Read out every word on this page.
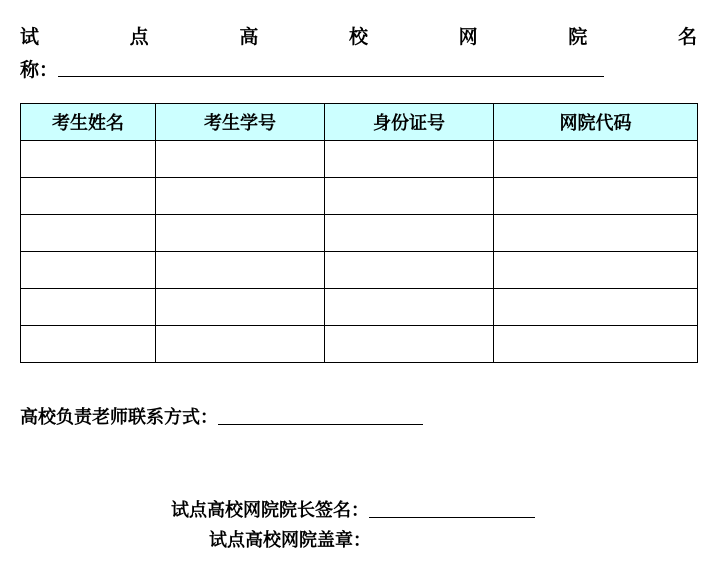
试	点	高	校	网	院	名
称：
考生姓名	考生学号	身份证号	网院代码

高校负责老师联系方式：
试点高校网院院长签名：
试点高校网院盖章：
